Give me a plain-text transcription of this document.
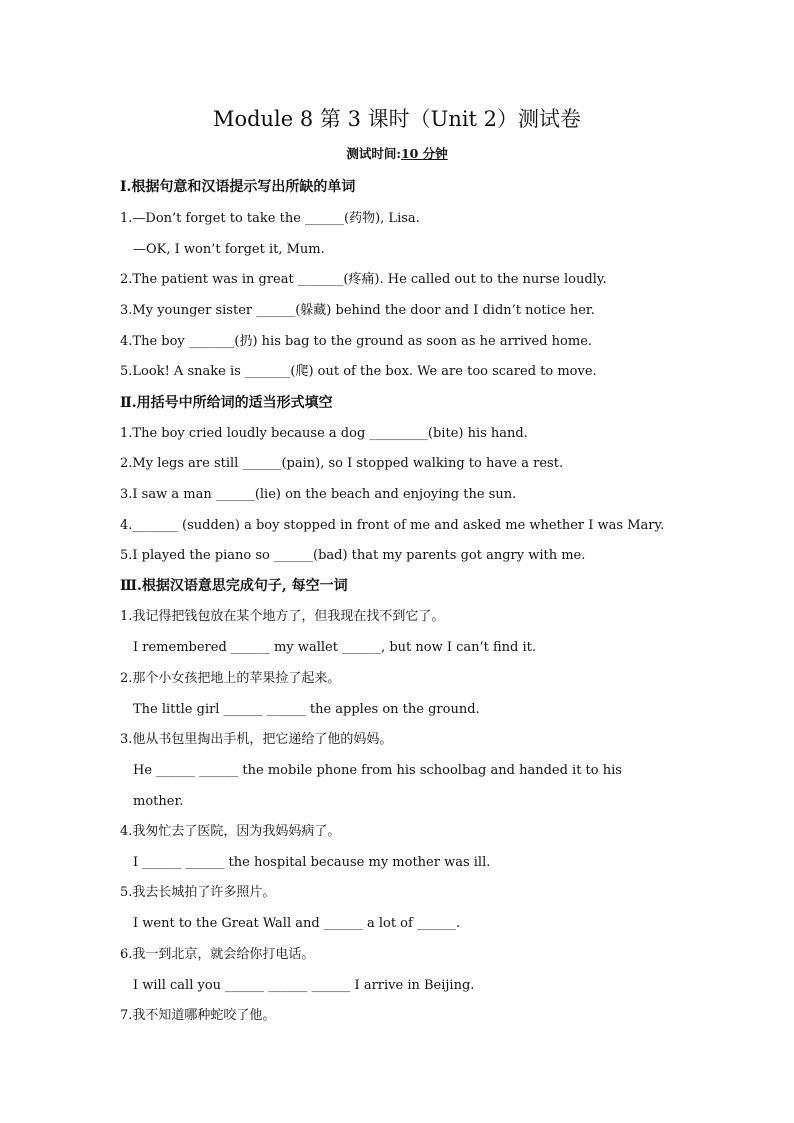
Module 8 第 3 课时（Unit 2）测试卷
测试时间:10 分钟
Ⅰ.根据句意和汉语提示写出所缺的单词
1.—Don’t forget to take the ______(药物), Lisa.
—OK, I won’t forget it, Mum.
2.The patient was in great _______(疼痛). He called out to the nurse loudly.
3.My younger sister ______(躲藏) behind the door and I didn’t notice her.
4.The boy _______(扔) his bag to the ground as soon as he arrived home.
5.Look! A snake is _______(爬) out of the box. We are too scared to move.
Ⅱ.用括号中所给词的适当形式填空
1.The boy cried loudly because a dog _________(bite) his hand.
2.My legs are still ______(pain), so I stopped walking to have a rest.
3.I saw a man ______(lie) on the beach and enjoying the sun.
4._______ (sudden) a boy stopped in front of me and asked me whether I was Mary.
5.I played the piano so ______(bad) that my parents got angry with me.
Ⅲ.根据汉语意思完成句子, 每空一词
1.我记得把钱包放在某个地方了，但我现在找不到它了。
I remembered ______ my wallet ______, but now I can’t find it.
2.那个小女孩把地上的苹果捡了起来。
The little girl ______ ______ the apples on the ground.
3.他从书包里掏出手机，把它递给了他的妈妈。
He ______ ______ the mobile phone from his schoolbag and handed it to his
mother.
4.我匆忙去了医院，因为我妈妈病了。
I ______ ______ the hospital because my mother was ill.
5.我去长城拍了许多照片。
I went to the Great Wall and ______ a lot of ______.
6.我一到北京，就会给你打电话。
I will call you ______ ______ ______ I arrive in Beijing.
7.我不知道哪种蛇咬了他。
